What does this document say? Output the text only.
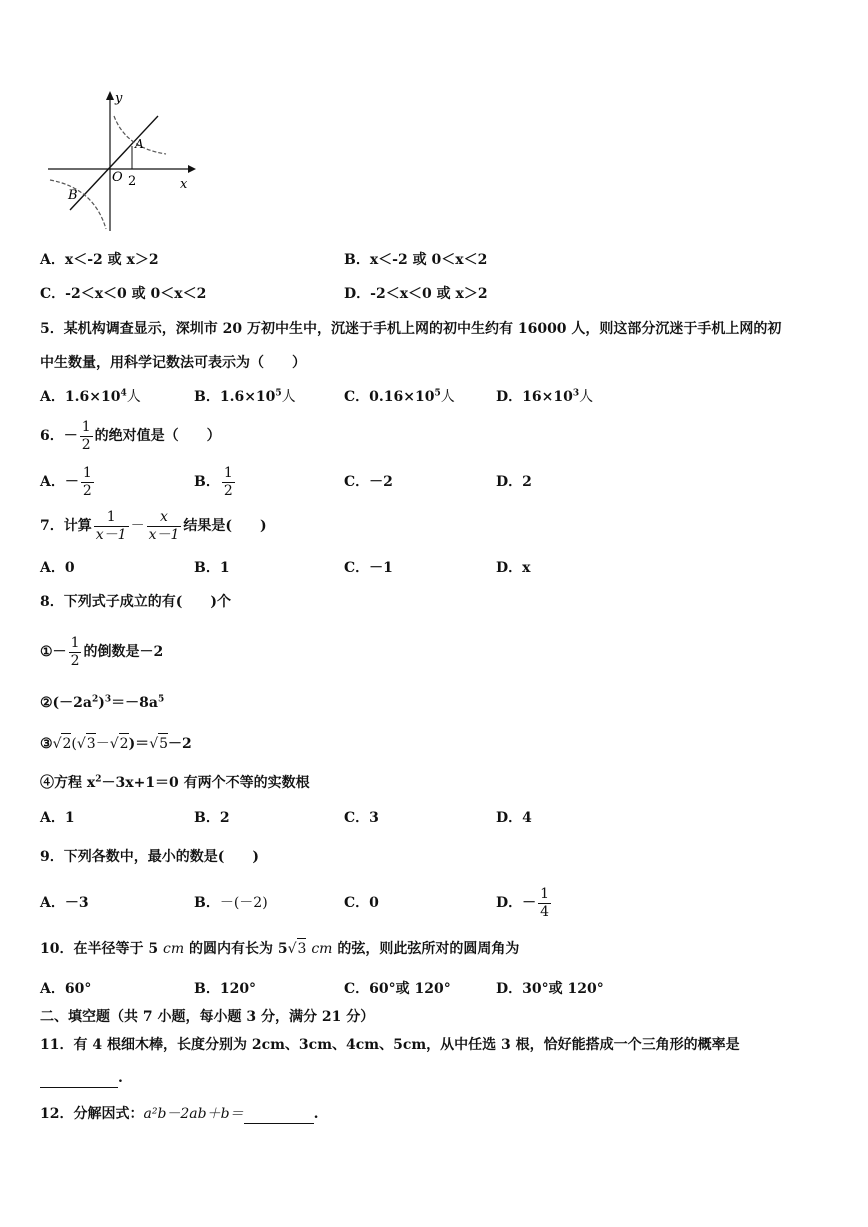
y
x
O 2
A
B
A．x＜-2 或 x＞2	B．x＜-2 或 0＜x＜2
C．-2＜x＜0 或 0＜x＜2	D．-2＜x＜0 或 x＞2
5．某机构调查显示，深圳市 20 万初中生中，沉迷于手机上网的初中生约有 16000 人，则这部分沉迷于手机上网的初
中生数量，用科学记数法可表示为（　　）
A．$1.6\times 10^4$人	B．$1.6\times 10^5$人	C．$0.16\times 10^5$人	D．$16\times 10^3$人
6．－ $\frac{1}{2}$ 的绝对值是（　　）
A．－ $\frac{1}{2}$	B． $\frac{1}{2}$	C．－2	D．2
7．计算 $\frac{1}{x-1} - \frac{x}{x-1}$ 结果是(　　)
A．0	B．1	C．－1	D．x
8．下列式子成立的有(　　)个
①－ $\frac{1}{2}$ 的倒数是－2
$②(-2a^2)^3=-8a^5$
③√2(√3－√2)＝√5－2
④方程 $x^2-3x+1=0$ 有两个不等的实数根
A．1	B．2	C．3	D．4
9．下列各数中，最小的数是(　　)
A．－3	B．－(－2)	C．0	D．－ $\frac{1}{4}$
10．在半径等于 5 cm 的圆内有长为 5√3 cm 的弦，则此弦所对的圆周角为
A．60°	B．120°	C．60°或 120°	D．30°或 120°
二、填空题（共 7 小题，每小题 3 分，满分 21 分）
11．有 4 根细木棒，长度分别为 2cm、3cm、4cm、5cm，从中任选 3 根，恰好能搭成一个三角形的概率是
.
12．分解因式：a²b－2ab＋b＝	.
